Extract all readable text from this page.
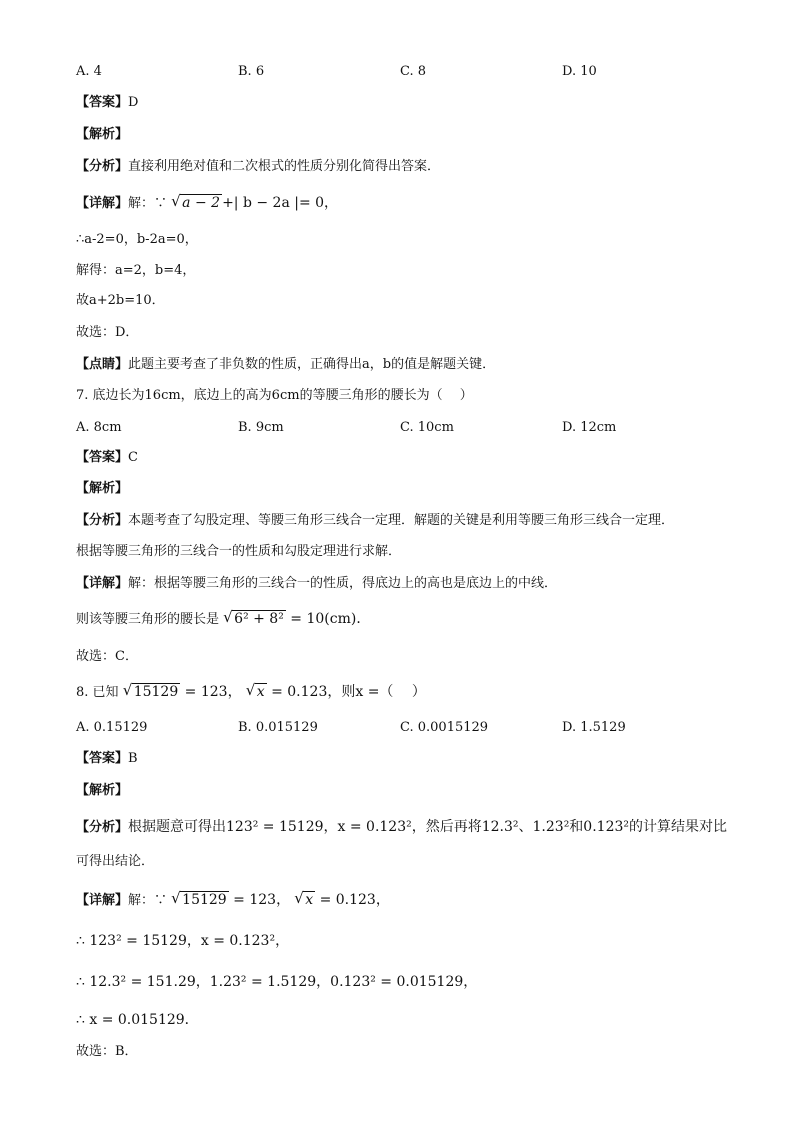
A. 4	B. 6	C. 8	D. 10
【答案】D
【解析】
【分析】直接利用绝对值和二次根式的性质分别化简得出答案．
【详解】解：∵ √ a − 2 +| b − 2a |= 0，
∴a-2=0，b-2a=0，
解得：a=2，b=4，
故a+2b=10．
故选：D．
【点睛】此题主要考查了非负数的性质，正确得出a，b的值是解题关键．
7. 底边长为16cm，底边上的高为6cm的等腰三角形的腰长为（　 ）
A. 8cm	B. 9cm	C. 10cm	D. 12cm
【答案】C
【解析】
【分析】本题考查了勾股定理、等腰三角形三线合一定理．解题的关键是利用等腰三角形三线合一定理．
根据等腰三角形的三线合一的性质和勾股定理进行求解．
【详解】解：根据等腰三角形的三线合一的性质，得底边上的高也是底边上的中线．
则该等腰三角形的腰长是 √ 6² + 8² = 10(cm)．
故选：C．
8. 已知 √ 15129 = 123， √ x = 0.123，则x =（　 ）
A. 0.15129	B. 0.015129	C. 0.0015129	D. 1.5129
【答案】B
【解析】
【分析】根据题意可得出123² = 15129，x = 0.123²，然后再将12.3²、1.23²和0.123²的计算结果对比
可得出结论．
【详解】解：∵ √ 15129 = 123， √ x = 0.123，
∴ 123² = 15129，x = 0.123²，
∴ 12.3² = 151.29，1.23² = 1.5129，0.123² = 0.015129，
∴ x = 0.015129．
故选：B．
